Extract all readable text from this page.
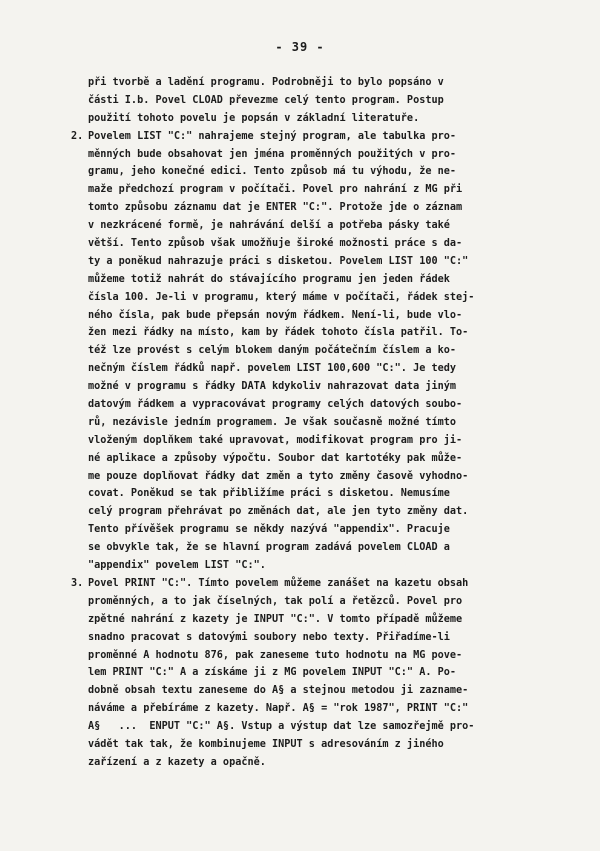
- 39 -
při tvorbě a ladění programu. Podrobněji to bylo popsáno v
části I.b. Povel CLOAD převezme celý tento program. Postup
použití tohoto povelu je popsán v základní literatuře.
2. Povelem LIST "C:" nahrajeme stejný program, ale tabulka pro-
měnných bude obsahovat jen jména proměnných použitých v pro-
gramu, jeho konečné edici. Tento způsob má tu výhodu, že ne-
maže předchozí program v počítači. Povel pro nahrání z MG při
tomto způsobu záznamu dat je ENTER "C:". Protože jde o záznam
v nezkrácené formě, je nahrávání delší a potřeba pásky také
větší. Tento způsob však umožňuje široké možnosti práce s da-
ty a poněkud nahrazuje práci s disketou. Povelem LIST 100 "C:"
můžeme totiž nahrát do stávajícího programu jen jeden řádek
čísla 100. Je-li v programu, který máme v počítači, řádek stej-
ného čísla, pak bude přepsán novým řádkem. Není-li, bude vlo-
žen mezi řádky na místo, kam by řádek tohoto čísla patřil. To-
též lze provést s celým blokem daným počátečním číslem a ko-
nečným číslem řádků např. povelem LIST 100,600 "C:". Je tedy
možné v programu s řádky DATA kdykoliv nahrazovat data jiným
datovým řádkem a vypracovávat programy celých datových soubo-
rů, nezávisle jedním programem. Je však současně možné tímto
vloženým doplňkem také upravovat, modifikovat program pro ji-
né aplikace a způsoby výpočtu. Soubor dat kartotéky pak může-
me pouze doplňovat řádky dat změn a tyto změny časově vyhodno-
covat. Poněkud se tak přibližíme práci s disketou. Nemusíme
celý program přehrávat po změnách dat, ale jen tyto změny dat.
Tento přívěšek programu se někdy nazývá "appendix". Pracuje
se obvykle tak, že se hlavní program zadává povelem CLOAD a
"appendix" povelem LIST "C:".
3. Povel PRINT "C:". Tímto povelem můžeme zanášet na kazetu obsah
proměnných, a to jak číselných, tak polí a řetězců. Povel pro
zpětné nahrání z kazety je INPUT "C:". V tomto případě můžeme
snadno pracovat s datovými soubory nebo texty. Přiřadíme-li
proměnné A hodnotu 876, pak zaneseme tuto hodnotu na MG pove-
lem PRINT "C:" A a získáme ji z MG povelem INPUT "C:" A. Po-
dobně obsah textu zaneseme do A§ a stejnou metodou ji zazname-
náváme a přebíráme z kazety. Např. A§ = "rok 1987", PRINT "C:"
A§   ...  ENPUT "C:" A§. Vstup a výstup dat lze samozřejmě pro-
vádět tak tak, že kombinujeme INPUT s adresováním z jiného
zařízení a z kazety a opačně.
